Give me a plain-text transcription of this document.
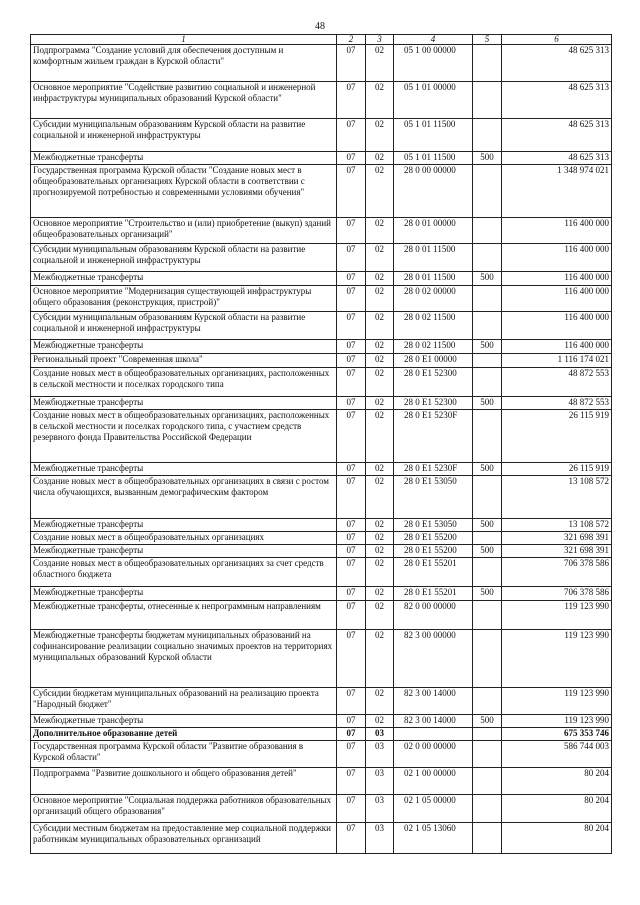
48
1	2	3	4	5	6
Подпрограмма "Создание условий для обеспечения доступным и комфортным жильем граждан в Курской области"	07	02	05 1 00 00000		48 625 313
Основное мероприятие "Содействие развитию социальной и инженерной инфраструктуры муниципальных образований Курской области"	07	02	05 1 01 00000		48 625 313
Субсидии муниципальным образованиям Курской области на развитие социальной и инженерной инфраструктуры	07	02	05 1 01 11500		48 625 313
Межбюджетные трансферты	07	02	05 1 01 11500	500	48 625 313
Государственная программа Курской области "Создание новых мест в общеобразовательных организациях Курской области в соответствии с прогнозируемой потребностью и современными условиями обучения"	07	02	28 0 00 00000		1 348 974 021
Основное мероприятие "Строительство и (или) приобретение (выкуп) зданий общеобразовательных организаций"	07	02	28 0 01 00000		116 400 000
Субсидии муниципальным образованиям Курской области на развитие социальной и инженерной инфраструктуры	07	02	28 0 01 11500		116 400 000
Межбюджетные трансферты	07	02	28 0 01 11500	500	116 400 000
Основное мероприятие "Модернизация существующей инфраструктуры общего образования (реконструкция, пристрой)"	07	02	28 0 02 00000		116 400 000
Субсидии муниципальным образованиям Курской области на развитие социальной и инженерной инфраструктуры	07	02	28 0 02 11500		116 400 000
Межбюджетные трансферты	07	02	28 0 02 11500	500	116 400 000
Региональный проект "Современная школа"	07	02	28 0 E1 00000		1 116 174 021
Создание новых мест в общеобразовательных организациях, расположенных в сельской местности и поселках городского типа	07	02	28 0 E1 52300		48 872 553
Межбюджетные трансферты	07	02	28 0 E1 52300	500	48 872 553
Создание новых мест в общеобразовательных организациях, расположенных в сельской местности и поселках городского типа, с участием средств резервного фонда Правительства Российской Федерации	07	02	28 0 E1 5230F		26 115 919
Межбюджетные трансферты	07	02	28 0 E1 5230F	500	26 115 919
Создание новых мест в общеобразовательных организациях в связи с ростом числа обучающихся, вызванным демографическим фактором	07	02	28 0 E1 53050		13 108 572
Межбюджетные трансферты	07	02	28 0 E1 53050	500	13 108 572
Создание новых мест в общеобразовательных организациях	07	02	28 0 E1 55200		321 698 391
Межбюджетные трансферты	07	02	28 0 E1 55200	500	321 698 391
Создание новых мест в общеобразовательных организациях за счет средств областного бюджета	07	02	28 0 E1 55201		706 378 586
Межбюджетные трансферты	07	02	28 0 E1 55201	500	706 378 586
Межбюджетные трансферты, отнесенные к непрограммным направлениям	07	02	82 0 00 00000		119 123 990
Межбюджетные трансферты бюджетам муниципальных образований на софинансирование реализации социально значимых проектов на территориях муниципальных образований Курской области	07	02	82 3 00 00000		119 123 990
Субсидии бюджетам муниципальных образований на реализацию проекта "Народный бюджет"	07	02	82 3 00 14000		119 123 990
Межбюджетные трансферты	07	02	82 3 00 14000	500	119 123 990
Дополнительное образование детей	07	03			675 353 746
Государственная программа Курской области "Развитие образования в Курской области"	07	03	02 0 00 00000		586 744 003
Подпрограмма "Развитие дошкольного и общего образования детей"	07	03	02 1 00 00000		80 204
Основное мероприятие "Социальная поддержка работников образовательных организаций общего образования"	07	03	02 1 05 00000		80 204
Субсидии местным бюджетам на предоставление мер социальной поддержки работникам муниципальных образовательных организаций	07	03	02 1 05 13060		80 204
